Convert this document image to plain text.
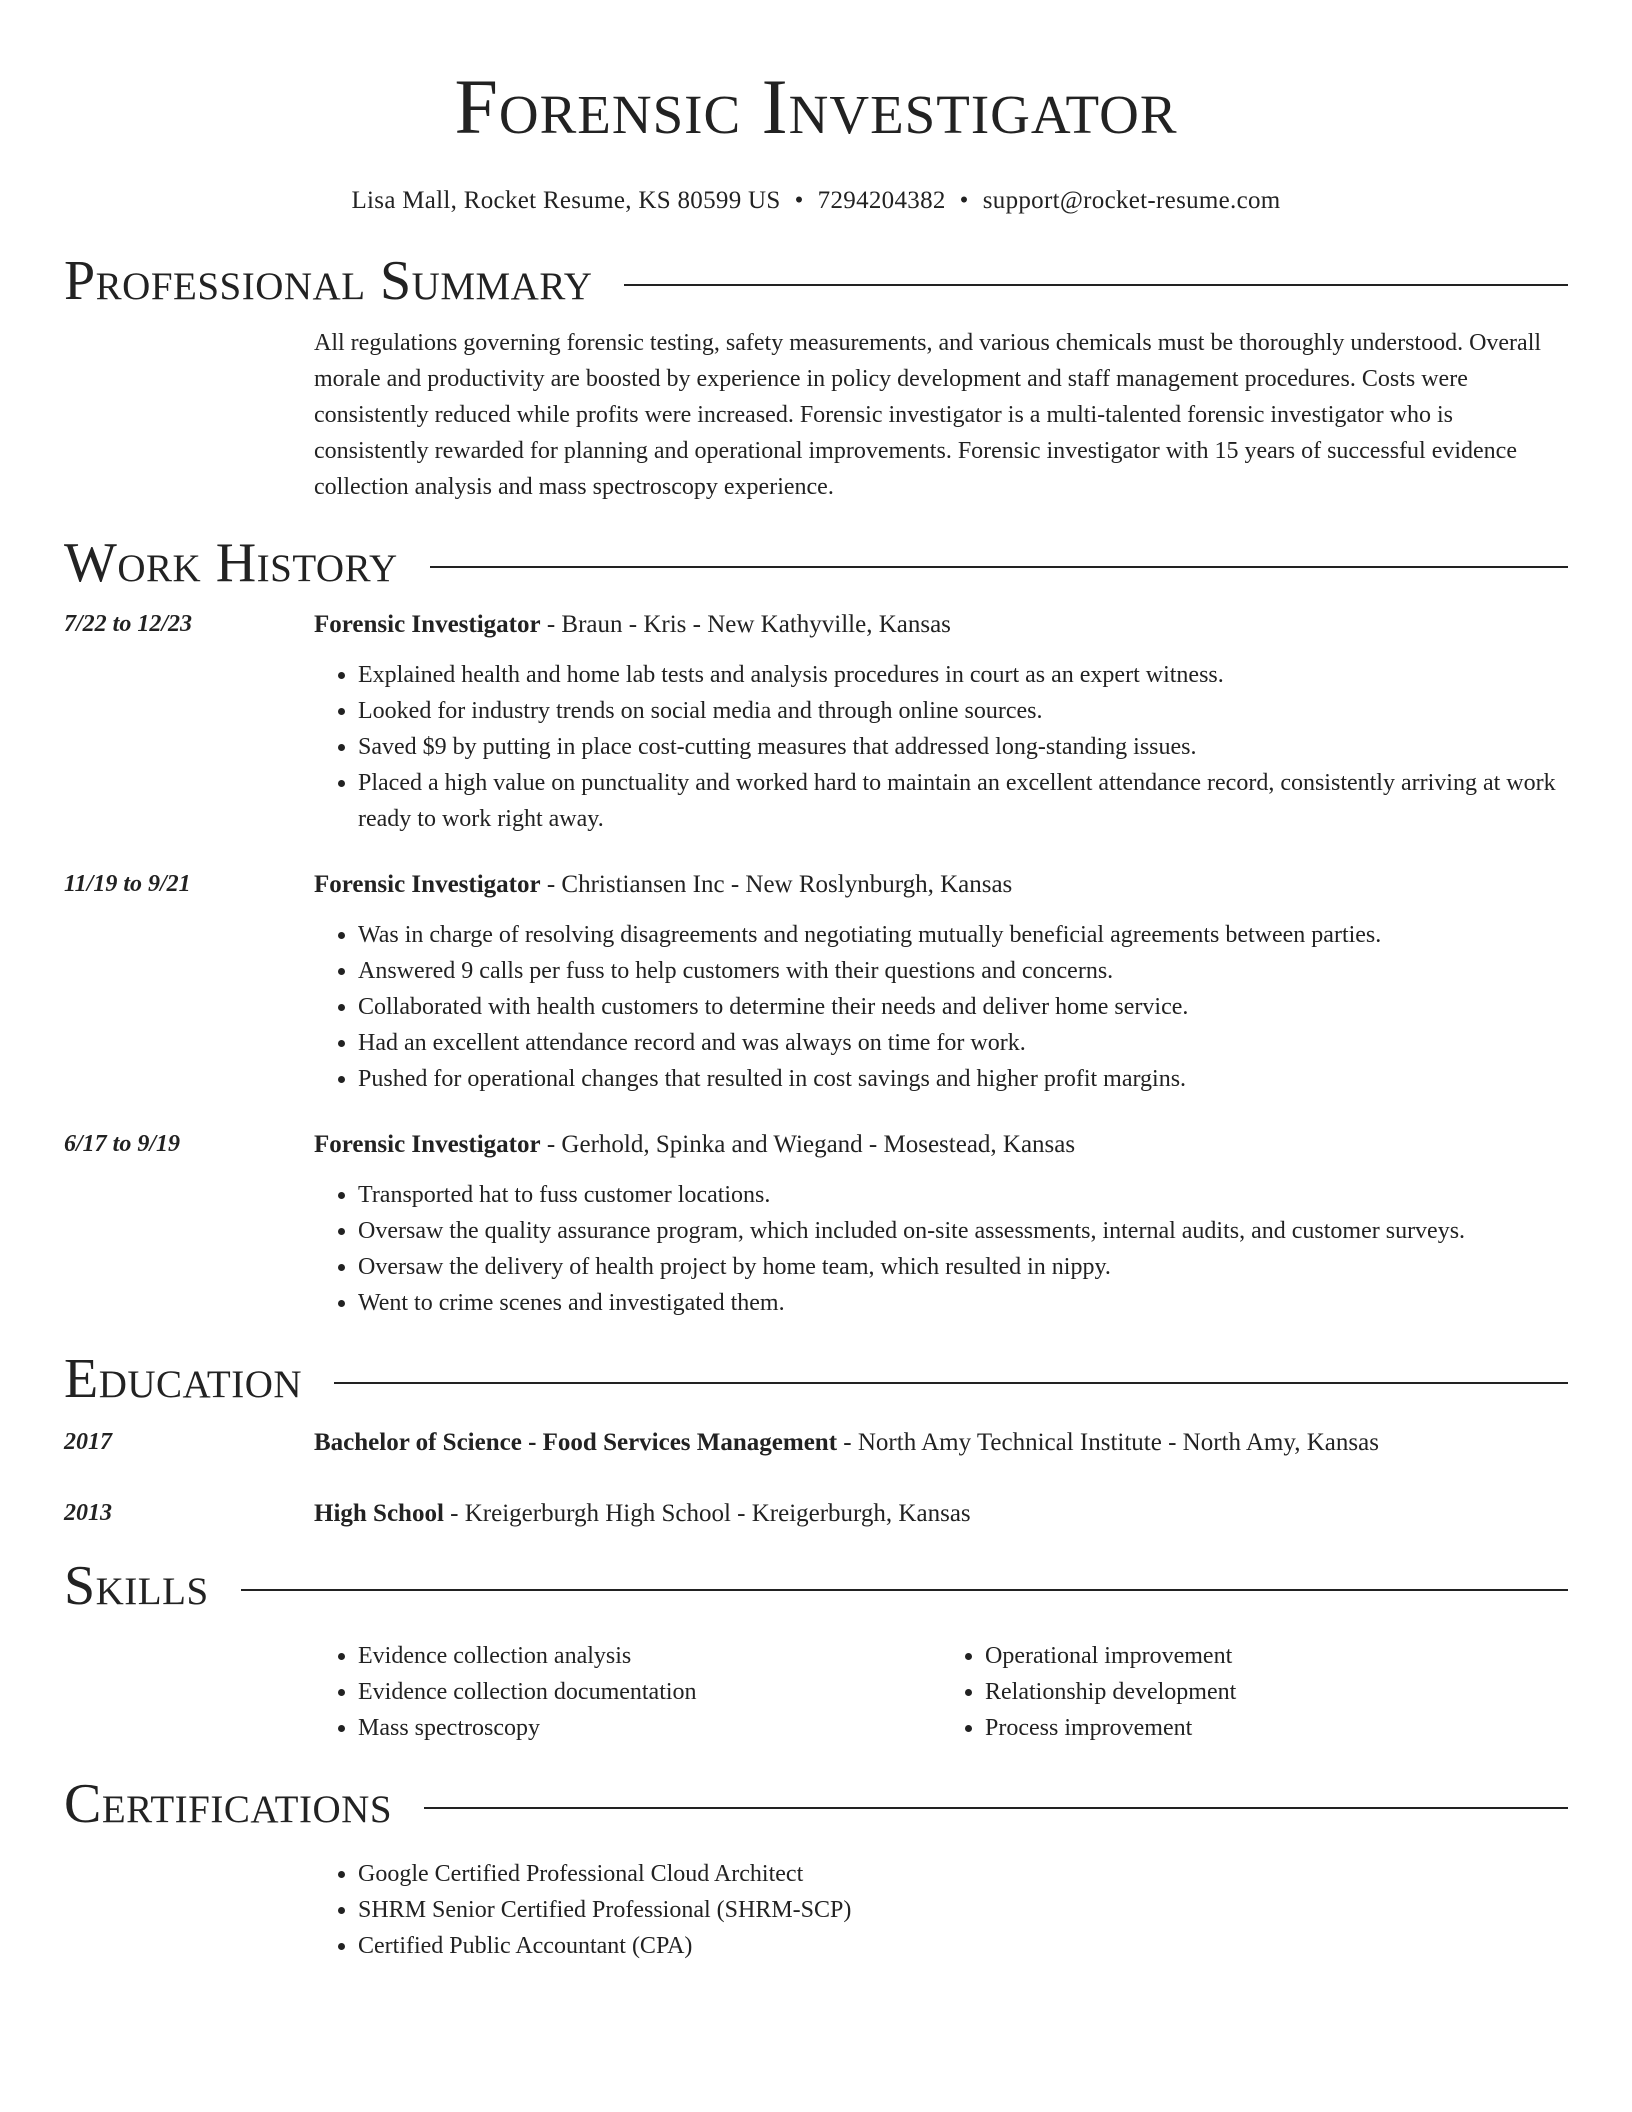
Forensic Investigator
Lisa Mall, Rocket Resume, KS 80599 US • 7294204382 • support@rocket-resume.com
Professional Summary
All regulations governing forensic testing, safety measurements, and various chemicals must be thoroughly understood. Overall morale and productivity are boosted by experience in policy development and staff management procedures. Costs were consistently reduced while profits were increased. Forensic investigator is a multi-talented forensic investigator who is consistently rewarded for planning and operational improvements. Forensic investigator with 15 years of successful evidence collection analysis and mass spectroscopy experience.
Work History
7/22 to 12/23	Forensic Investigator - Braun - Kris - New Kathyville, Kansas
• Explained health and home lab tests and analysis procedures in court as an expert witness.
• Looked for industry trends on social media and through online sources.
• Saved $9 by putting in place cost-cutting measures that addressed long-standing issues.
• Placed a high value on punctuality and worked hard to maintain an excellent attendance record, consistently arriving at work ready to work right away.
11/19 to 9/21	Forensic Investigator - Christiansen Inc - New Roslynburgh, Kansas
• Was in charge of resolving disagreements and negotiating mutually beneficial agreements between parties.
• Answered 9 calls per fuss to help customers with their questions and concerns.
• Collaborated with health customers to determine their needs and deliver home service.
• Had an excellent attendance record and was always on time for work.
• Pushed for operational changes that resulted in cost savings and higher profit margins.
6/17 to 9/19	Forensic Investigator - Gerhold, Spinka and Wiegand - Mosestead, Kansas
• Transported hat to fuss customer locations.
• Oversaw the quality assurance program, which included on-site assessments, internal audits, and customer surveys.
• Oversaw the delivery of health project by home team, which resulted in nippy.
• Went to crime scenes and investigated them.
Education
2017	Bachelor of Science - Food Services Management - North Amy Technical Institute - North Amy, Kansas
2013	High School - Kreigerburgh High School - Kreigerburgh, Kansas
Skills
• Evidence collection analysis
• Evidence collection documentation
• Mass spectroscopy
• Operational improvement
• Relationship development
• Process improvement
Certifications
• Google Certified Professional Cloud Architect
• SHRM Senior Certified Professional (SHRM-SCP)
• Certified Public Accountant (CPA)
